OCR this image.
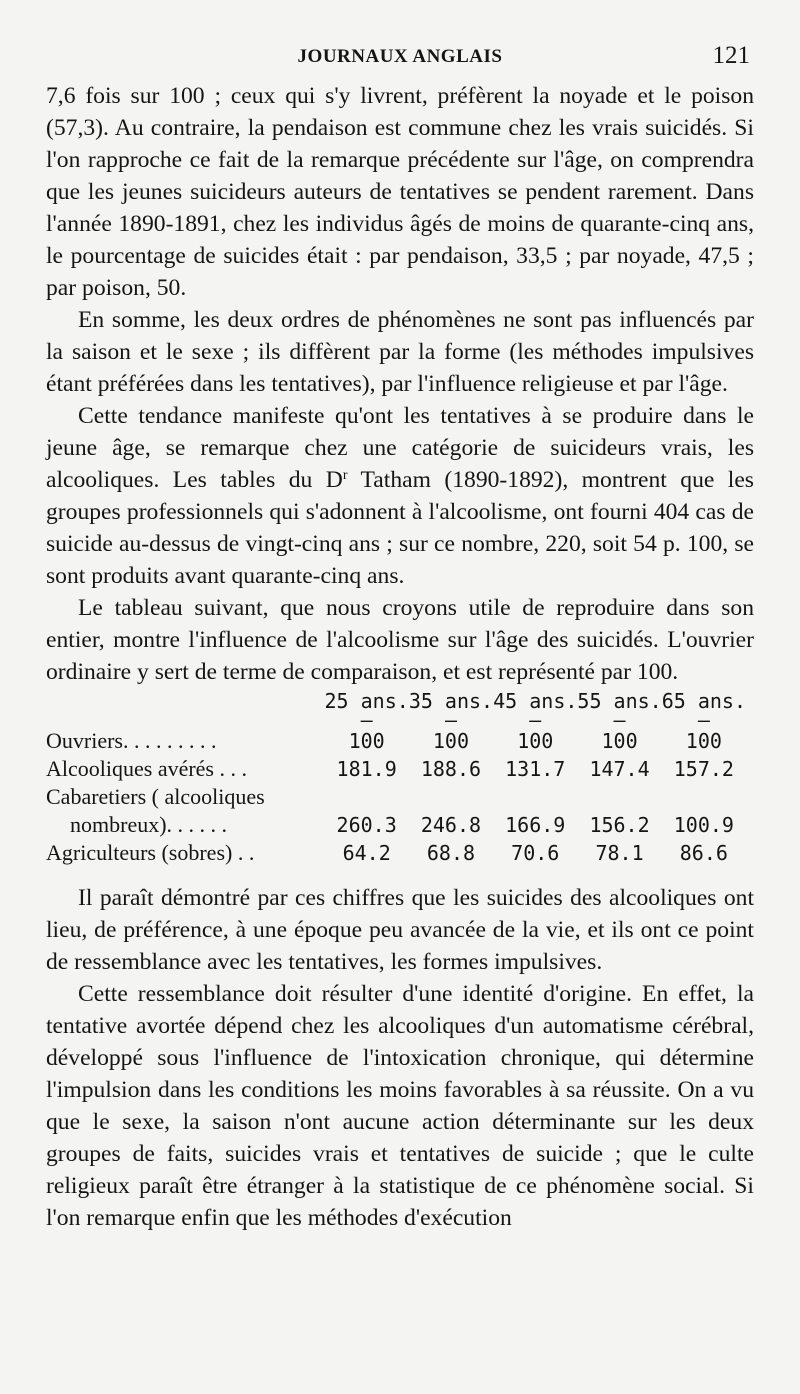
JOURNAUX ANGLAIS	121

7,6 fois sur 100 ; ceux qui s'y livrent, préfèrent la noyade et le poison (57,3). Au contraire, la pendaison est commune chez les vrais suicidés. Si l'on rapproche ce fait de la remarque précédente sur l'âge, on comprendra que les jeunes suicideurs auteurs de tentatives se pendent rarement. Dans l'année 1890-1891, chez les individus âgés de moins de quarante-cinq ans, le pourcentage de suicides était : par pendaison, 33,5 ; par noyade, 47,5 ; par poison, 50.

En somme, les deux ordres de phénomènes ne sont pas influencés par la saison et le sexe ; ils diffèrent par la forme (les méthodes impulsives étant préférées dans les tentatives), par l'influence religieuse et par l'âge.

Cette tendance manifeste qu'ont les tentatives à se produire dans le jeune âge, se remarque chez une catégorie de suicideurs vrais, les alcooliques. Les tables du $D^r$ Tatham (1890-1892), montrent que les groupes professionnels qui s'adonnent à l'alcoolisme, ont fourni 404 cas de suicide au-dessus de vingt-cinq ans ; sur ce nombre, 220, soit 54 p. 100, se sont produits avant quarante-cinq ans.

Le tableau suivant, que nous croyons utile de reproduire dans son entier, montre l'influence de l'alcoolisme sur l'âge des suicidés. L'ouvrier ordinaire y sert de terme de comparaison, et est représenté par 100.

	25 ans.	35 ans.	45 ans.	55 ans.	65 ans.
	—	—	—	—	—
Ouvriers. . . . . . . . .	100	100	100	100	100
Alcooliques avérés . . .	181.9	188.6	131.7	147.4	157.2
Cabaretiers ( alcooliques					
nombreux). . . . . .	260.3	246.8	166.9	156.2	100.9
Agriculteurs (sobres) . .	64.2	68.8	70.6	78.1	86.6

Il paraît démontré par ces chiffres que les suicides des alcooliques ont lieu, de préférence, à une époque peu avancée de la vie, et ils ont ce point de ressemblance avec les tentatives, les formes impulsives.

Cette ressemblance doit résulter d'une identité d'origine. En effet, la tentative avortée dépend chez les alcooliques d'un automatisme cérébral, développé sous l'influence de l'intoxication chronique, qui détermine l'impulsion dans les conditions les moins favorables à sa réussite. On a vu que le sexe, la saison n'ont aucune action déterminante sur les deux groupes de faits, suicides vrais et tentatives de suicide ; que le culte religieux paraît être étranger à la statistique de ce phénomène social. Si l'on remarque enfin que les méthodes d'exécution
